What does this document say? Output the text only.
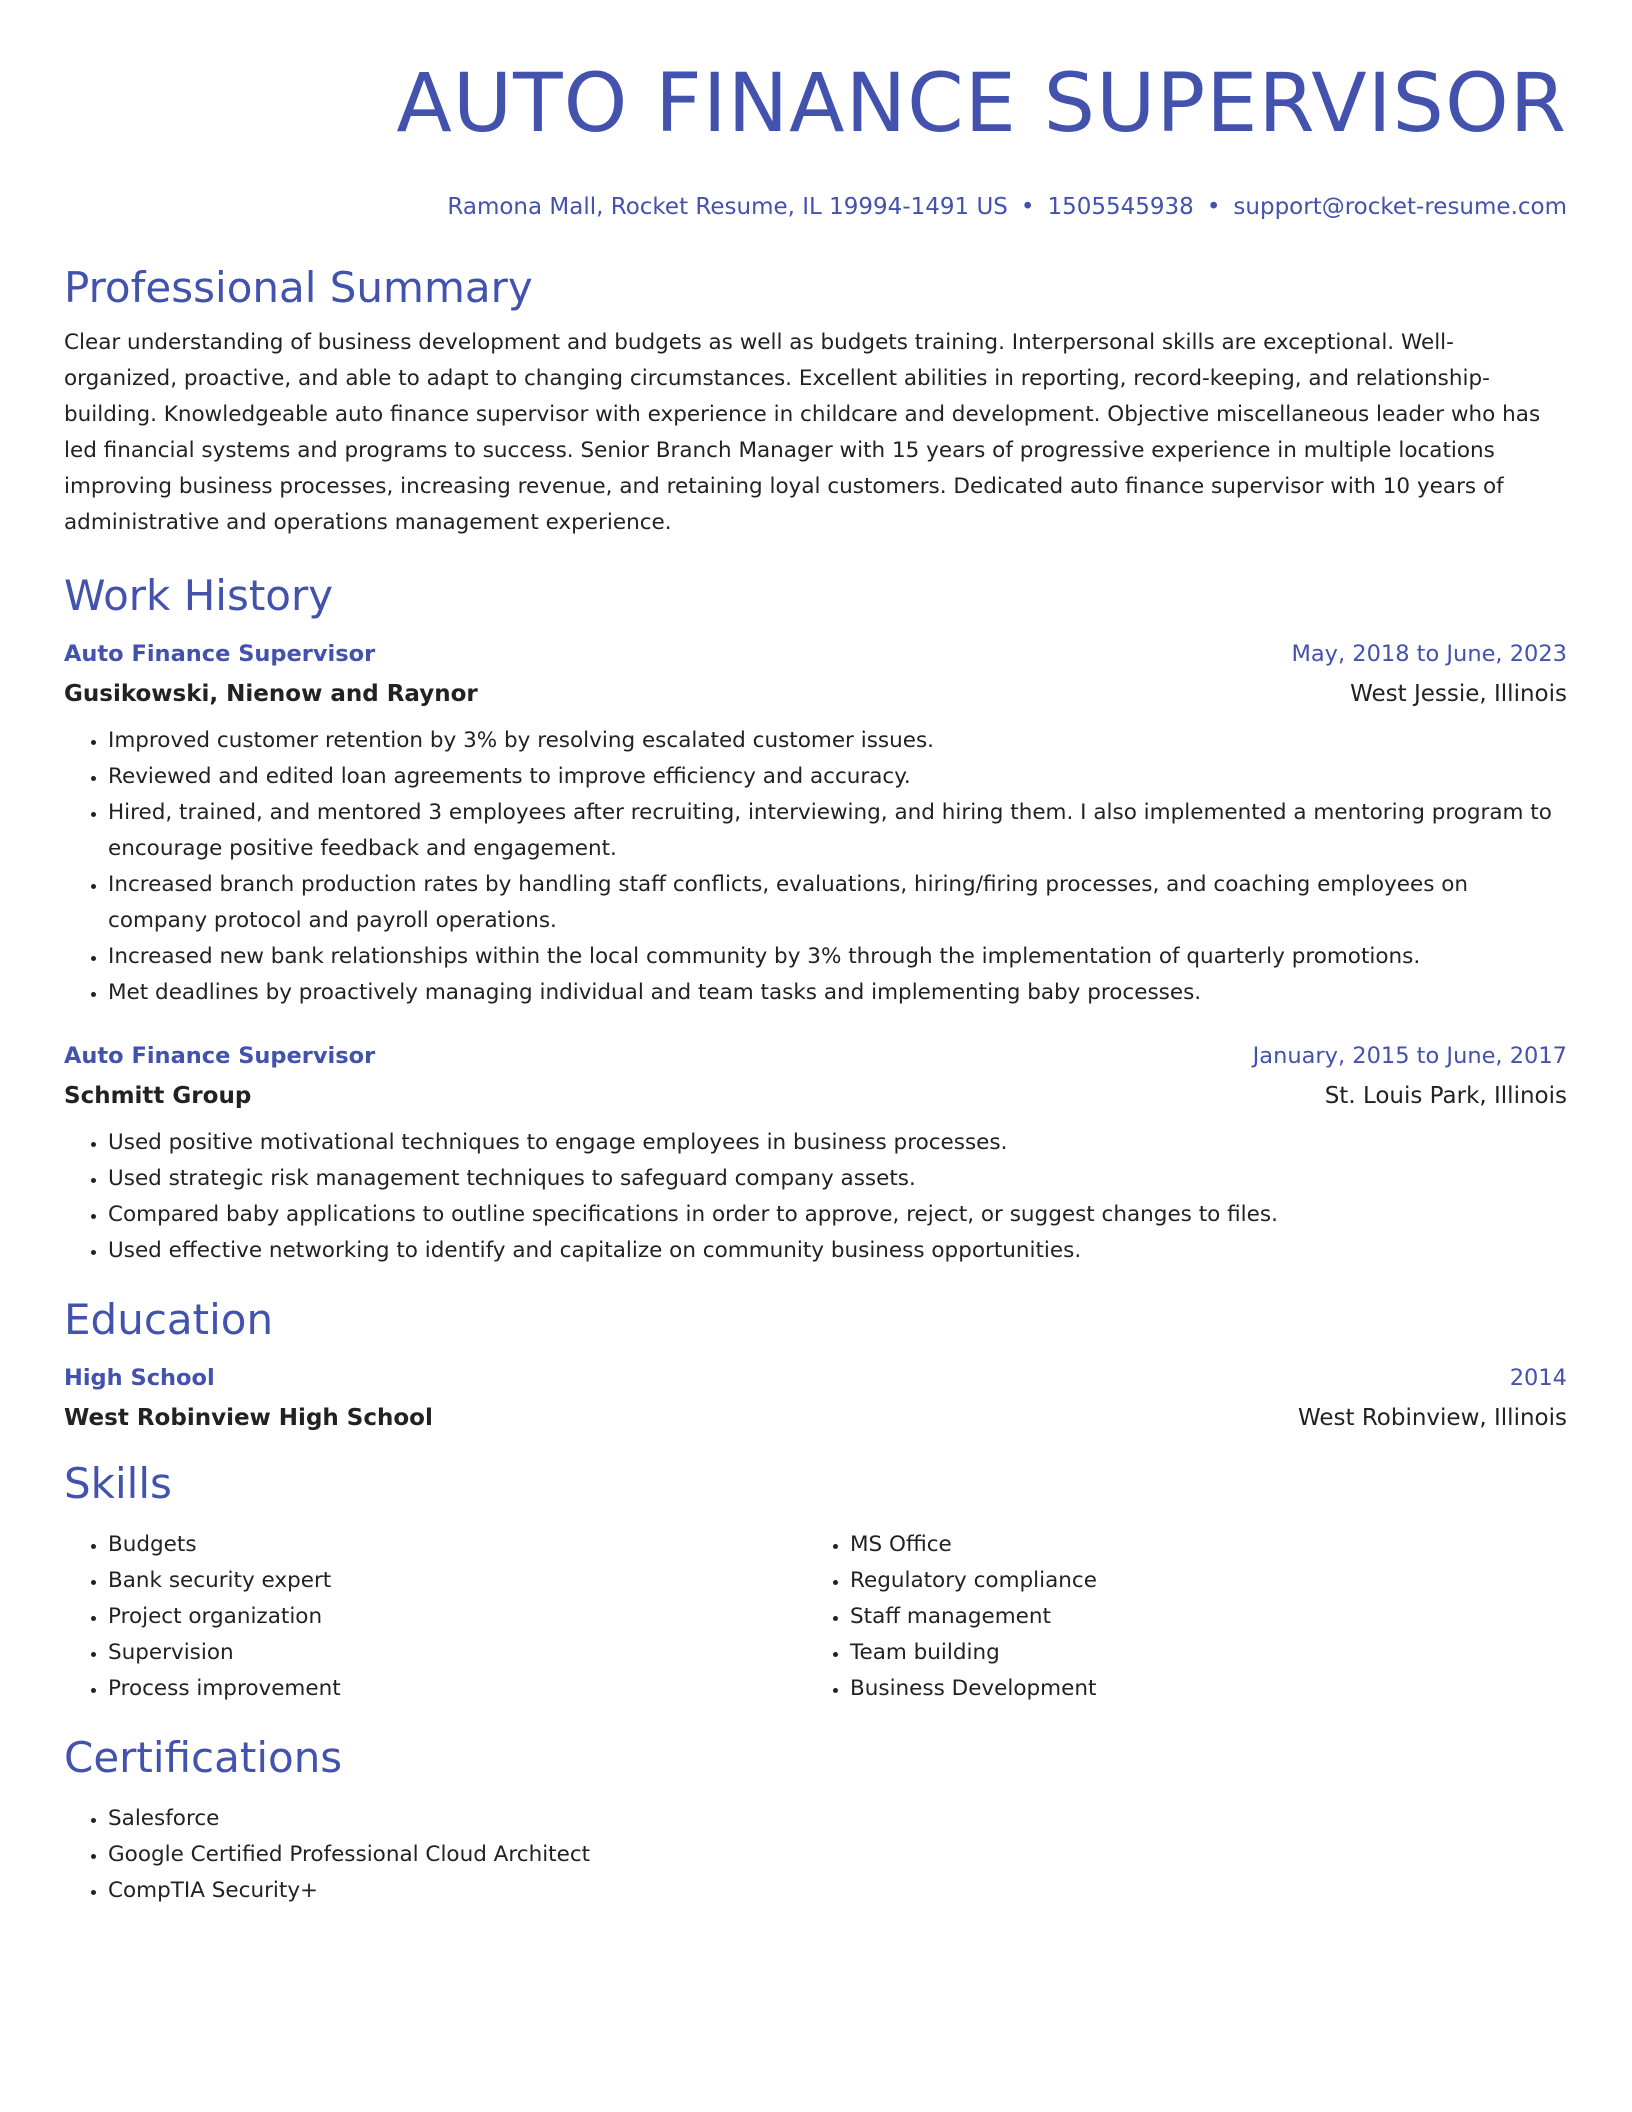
AUTO FINANCE SUPERVISOR
Ramona Mall, Rocket Resume, IL 19994-1491 US • 1505545938 • support@rocket-resume.com
Professional Summary
Clear understanding of business development and budgets as well as budgets training. Interpersonal skills are exceptional. Well-organized, proactive, and able to adapt to changing circumstances. Excellent abilities in reporting, record-keeping, and relationship-building. Knowledgeable auto finance supervisor with experience in childcare and development. Objective miscellaneous leader who has led financial systems and programs to success. Senior Branch Manager with 15 years of progressive experience in multiple locations improving business processes, increasing revenue, and retaining loyal customers. Dedicated auto finance supervisor with 10 years of administrative and operations management experience.
Work History
Auto Finance Supervisor	May, 2018 to June, 2023
Gusikowski, Nienow and Raynor	West Jessie, Illinois
• Improved customer retention by 3% by resolving escalated customer issues.
• Reviewed and edited loan agreements to improve efficiency and accuracy.
• Hired, trained, and mentored 3 employees after recruiting, interviewing, and hiring them. I also implemented a mentoring program to encourage positive feedback and engagement.
• Increased branch production rates by handling staff conflicts, evaluations, hiring/firing processes, and coaching employees on company protocol and payroll operations.
• Increased new bank relationships within the local community by 3% through the implementation of quarterly promotions.
• Met deadlines by proactively managing individual and team tasks and implementing baby processes.
Auto Finance Supervisor	January, 2015 to June, 2017
Schmitt Group	St. Louis Park, Illinois
• Used positive motivational techniques to engage employees in business processes.
• Used strategic risk management techniques to safeguard company assets.
• Compared baby applications to outline specifications in order to approve, reject, or suggest changes to files.
• Used effective networking to identify and capitalize on community business opportunities.
Education
High School	2014
West Robinview High School	West Robinview, Illinois
Skills
• Budgets
• Bank security expert
• Project organization
• Supervision
• Process improvement
• MS Office
• Regulatory compliance
• Staff management
• Team building
• Business Development
Certifications
• Salesforce
• Google Certified Professional Cloud Architect
• CompTIA Security+
